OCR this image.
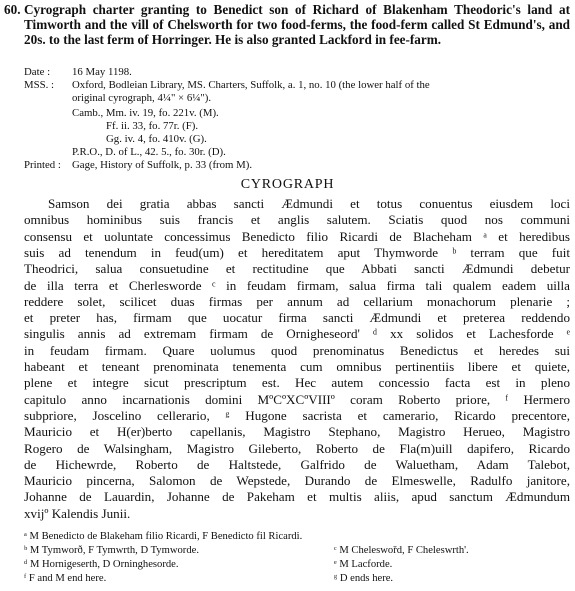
60. Cyrograph charter granting to Benedict son of Richard of Blakenham Theodoric's land at Timworth and the vill of Chelsworth for two food-ferms, the food-ferm called St Edmund's, and 20s. to the last ferm of Horringer. He is also granted Lackford in fee-farm.
Date : 16 May 1198.
MSS. : Oxford, Bodleian Library, MS. Charters, Suffolk, a. 1, no. 10 (the lower half of the
original cyrograph, 4¼" × 6¼").
Camb., Mm. iv. 19, fo. 221v. (M).
Ff. ii. 33, fo. 77r. (F).
Gg. iv. 4, fo. 410v. (G).
P.R.O., D. of L., 42. 5., fo. 30r. (D).
Printed : Gage, History of Suffolk, p. 33 (from M).
CYROGRAPH
Samson dei gratia abbas sancti Ædmundi et totus conuentus eiusdem loci
omnibus hominibus suis francis et anglis salutem. Sciatis quod nos communi
consensu et uoluntate concessimus Benedicto filio Ricardi de Blacheham ᵃ et heredibus
suis ad tenendum in feud(um) et hereditatem aput Thymworde ᵇ terram que fuit
Theodrici, salua consuetudine et rectitudine que Abbati sancti Ædmundi debetur
de illa terra et Cherlesworde ᶜ in feudam firmam, salua firma tali qualem eadem uilla
reddere solet, scilicet duas firmas per annum ad cellarium monachorum plenarie ;
et preter has, firmam que uocatur firma sancti Ædmundi et preterea reddendo
singulis annis ad extremam firmam de Ornigheseord' ᵈ xx solidos et Lachesforde ᵉ
in feudam firmam. Quare uolumus quod prenominatus Benedictus et heredes sui
habeant et teneant prenominata tenementa cum omnibus pertinentiis libere et quiete,
plene et integre sicut prescriptum est. Hec autem concessio facta est in pleno
capitulo anno incarnationis domini MºCºXCºVIIIº coram Roberto priore, ᶠ Hermero
subpriore, Joscelino cellerario, ᵍ Hugone sacrista et camerario, Ricardo precentore,
Mauricio et H(er)berto capellanis, Magistro Stephano, Magistro Herueo, Magistro
Rogero de Walsingham, Magistro Gileberto, Roberto de Fla(m)uill dapifero, Ricardo
de Hichewrde, Roberto de Haltstede, Galfrido de Waluetham, Adam Talebot,
Mauricio pincerna, Salomon de Wepstede, Durando de Elmeswelle, Radulfo janitore,
Johanne de Lauardin, Johanne de Pakeham et multis aliis, apud sanctum Ædmundum
xvijº Kalendis Junii.
ᵃ M Benedicto de Blakeham filio Ricardi, F Benedicto fil Ricardi.
ᵇ M Tymworð, F Tymwrth, D Tymworde.	ᶜ M Cheleswořd, F Cheleswrth'.
ᵈ M Hornigeserth, D Orninghesorde.	ᵉ M Lacforde.
ᶠ F and M end here.	ᵍ D ends here.
